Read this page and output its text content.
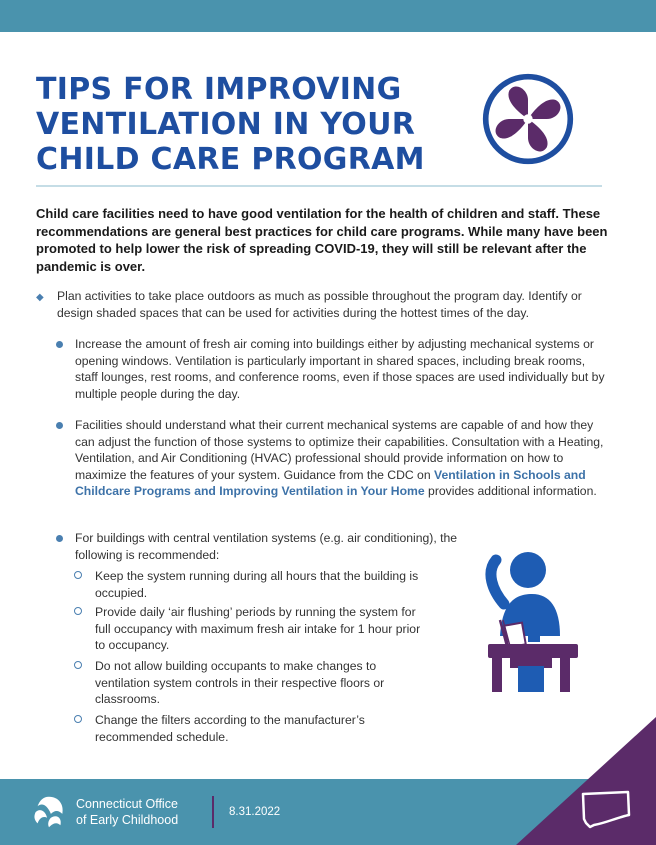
TIPS FOR IMPROVING
VENTILATION IN YOUR
CHILD CARE PROGRAM

Child care facilities need to have good ventilation for the health of children and staff. These recommendations are general best practices for child care programs. While many have been promoted to help lower the risk of spreading COVID-19, they will still be relevant after the pandemic is over.

◆	Plan activities to take place outdoors as much as possible throughout the program day. Identify or design shaded spaces that can be used for activities during the hottest times of the day.
Increase the amount of fresh air coming into buildings either by adjusting mechanical systems or opening windows. Ventilation is particularly important in shared spaces, including break rooms, staff lounges, rest rooms, and conference rooms, even if those spaces are used individually but by multiple people during the day.
Facilities should understand what their current mechanical systems are capable of and how they can adjust the function of those systems to optimize their capabilities. Consultation with a Heating, Ventilation, and Air Conditioning (HVAC) professional should provide information on how to maximize the features of your system. Guidance from the CDC on Ventilation in Schools and Childcare Programs and Improving Ventilation in Your Home provides additional information.
For buildings with central ventilation systems (e.g. air conditioning), the following is recommended:
Keep the system running during all hours that the building is occupied.
Provide daily ‘air flushing’ periods by running the system for full occupancy with maximum fresh air intake for 1 hour prior to occupancy.
Do not allow building occupants to make changes to ventilation system controls in their respective floors or classrooms.
Change the filters according to the manufacturer’s recommended schedule.
Connecticut Office
of Early Childhood
8.31.2022
